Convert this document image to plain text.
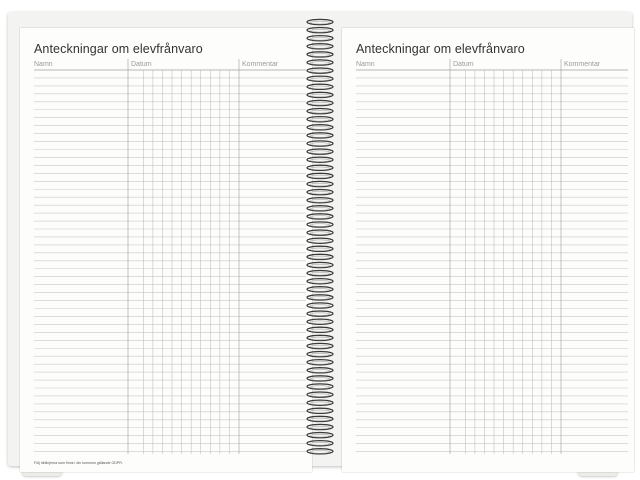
Anteckningar om elevfrånvaro
Namn	Datum	Kommentar
Följ riktlinjerna som finns i din kommun gällande GDPR.
Anteckningar om elevfrånvaro
Namn	Datum	Kommentar
